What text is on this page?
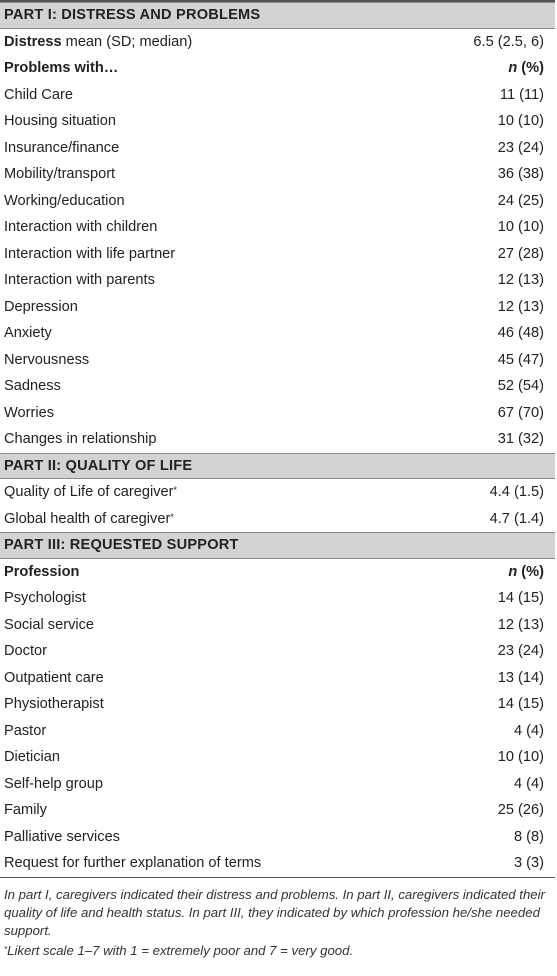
PART I: DISTRESS AND PROBLEMS	
Distress mean (SD; median)	6.5 (2.5, 6)
Problems with…	n (%)
Child Care	11 (11)
Housing situation	10 (10)
Insurance/finance	23 (24)
Mobility/transport	36 (38)
Working/education	24 (25)
Interaction with children	10 (10)
Interaction with life partner	27 (28)
Interaction with parents	12 (13)
Depression	12 (13)
Anxiety	46 (48)
Nervousness	45 (47)
Sadness	52 (54)
Worries	67 (70)
Changes in relationship	31 (32)
PART II: QUALITY OF LIFE	
Quality of Life of caregiver*	4.4 (1.5)
Global health of caregiver*	4.7 (1.4)
PART III: REQUESTED SUPPORT	
Profession	n (%)
Psychologist	14 (15)
Social service	12 (13)
Doctor	23 (24)
Outpatient care	13 (14)
Physiotherapist	14 (15)
Pastor	4 (4)
Dietician	10 (10)
Self-help group	4 (4)
Family	25 (26)
Palliative services	8 (8)
Request for further explanation of terms	3 (3)
In part I, caregivers indicated their distress and problems. In part II, caregivers indicated their quality of life and health status. In part III, they indicated by which profession he/she needed support.
*Likert scale 1–7 with 1 = extremely poor and 7 = very good.
